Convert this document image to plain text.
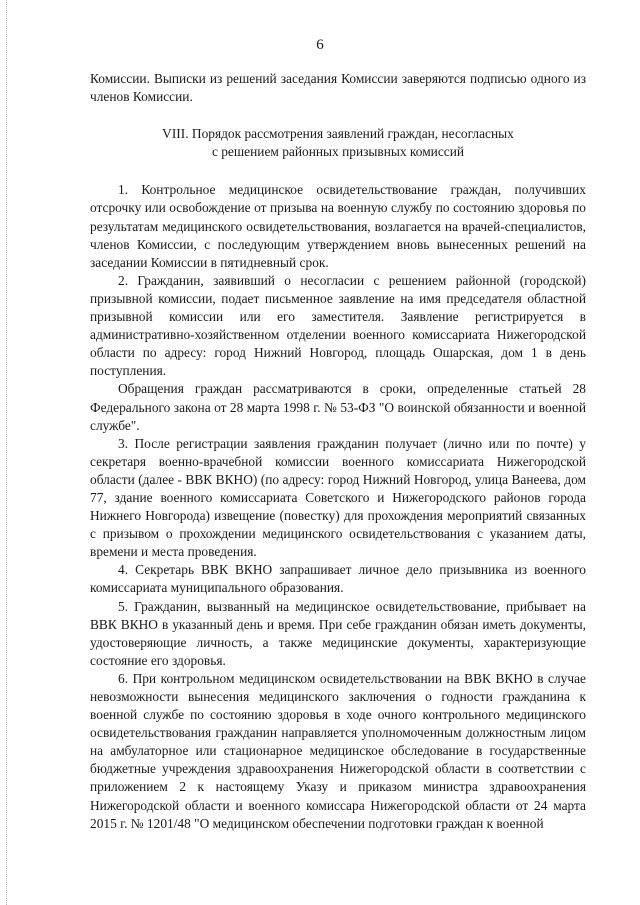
6

Комиссии. Выписки из решений заседания Комиссии заверяются подписью одного из членов Комиссии.

VIII. Порядок рассмотрения заявлений граждан, несогласных
с решением районных призывных комиссий

1. Контрольное медицинское освидетельствование граждан, получивших отсрочку или освобождение от призыва на военную службу по состоянию здоровья по результатам медицинского освидетельствования, возлагается на врачей-специалистов, членов Комиссии, с последующим утверждением вновь вынесенных решений на заседании Комиссии в пятидневный срок.

2. Гражданин, заявивший о несогласии с решением районной (городской) призывной комиссии, подает письменное заявление на имя председателя областной призывной комиссии или его заместителя. Заявление регистрируется в административно-хозяйственном отделении военного комиссариата Нижегородской области по адресу: город Нижний Новгород, площадь Ошарская, дом 1 в день поступления.

Обращения граждан рассматриваются в сроки, определенные статьей 28 Федерального закона от 28 марта 1998 г. № 53-ФЗ "О воинской обязанности и военной службе".

3. После регистрации заявления гражданин получает (лично или по почте) у секретаря военно-врачебной комиссии военного комиссариата Нижегородской области (далее - ВВК ВКНО) (по адресу: город Нижний Новгород, улица Ванеева, дом 77, здание военного комиссариата Советского и Нижегородского районов города Нижнего Новгорода) извещение (повестку) для прохождения мероприятий связанных с призывом о прохождении медицинского освидетельствования с указанием даты, времени и места проведения.

4. Секретарь ВВК ВКНО запрашивает личное дело призывника из военного комиссариата муниципального образования.

5. Гражданин, вызванный на медицинское освидетельствование, прибывает на ВВК ВКНО в указанный день и время. При себе гражданин обязан иметь документы, удостоверяющие личность, а также медицинские документы, характеризующие состояние его здоровья.

6. При контрольном медицинском освидетельствовании на ВВК ВКНО в случае невозможности вынесения медицинского заключения о годности гражданина к военной службе по состоянию здоровья в ходе очного контрольного медицинского освидетельствования гражданин направляется уполномоченным должностным лицом на амбулаторное или стационарное медицинское обследование в государственные бюджетные учреждения здравоохранения Нижегородской области в соответствии с приложением 2 к настоящему Указу и приказом министра здравоохранения Нижегородской области и военного комиссара Нижегородской области от 24 марта 2015 г. № 1201/48 "О медицинском обеспечении подготовки граждан к военной
